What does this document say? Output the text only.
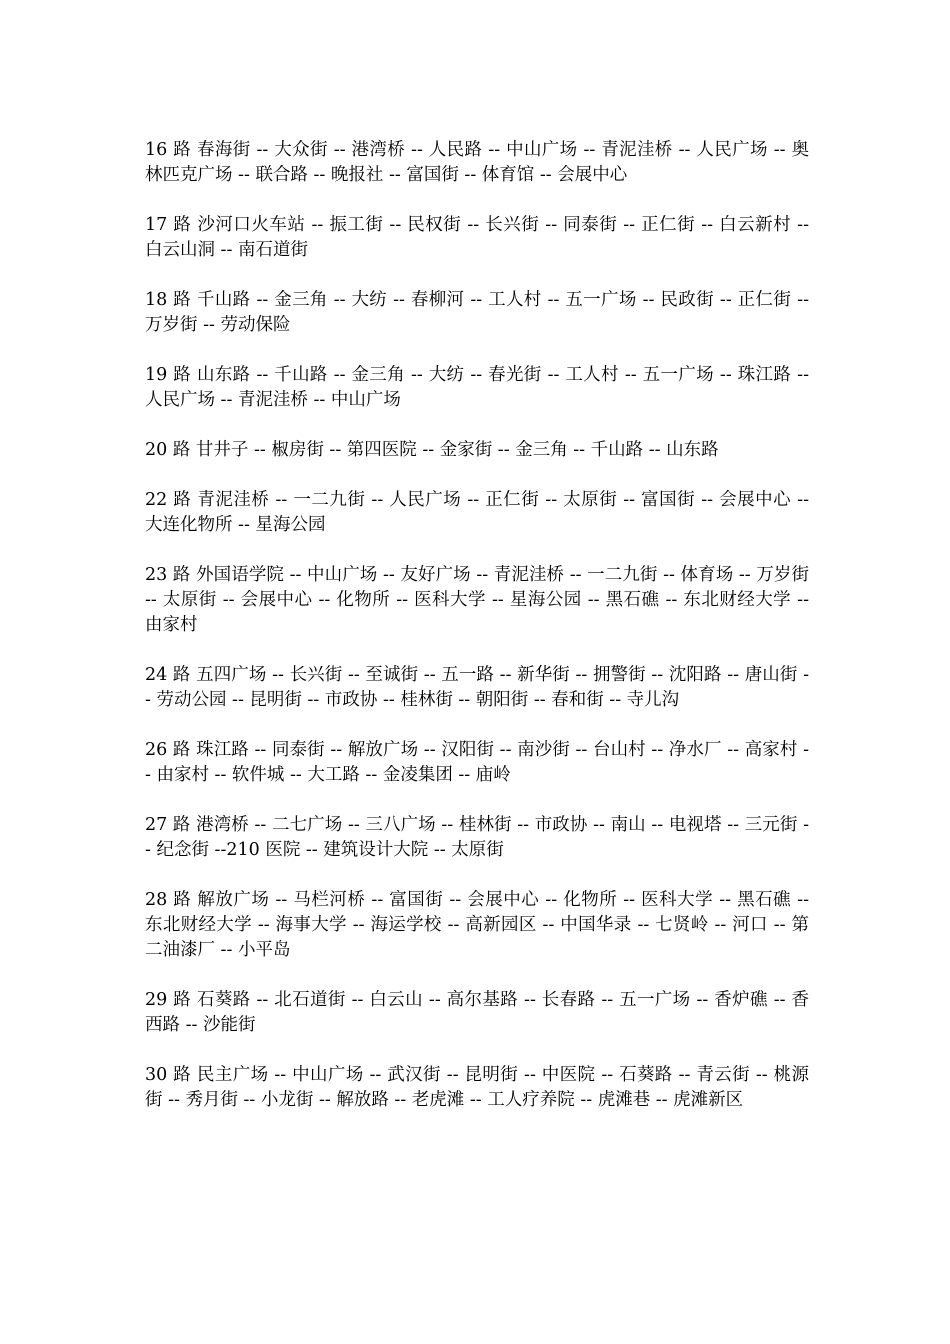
16 路 春海街 -- 大众街 -- 港湾桥 -- 人民路 -- 中山广场 -- 青泥洼桥 -- 人民广场 -- 奥林匹克广场 -- 联合路 -- 晚报社 -- 富国街 -- 体育馆 -- 会展中心

17 路 沙河口火车站 -- 振工街 -- 民权街 -- 长兴街 -- 同泰街 -- 正仁街 -- 白云新村 -- 白云山洞 -- 南石道街

18 路 千山路 -- 金三角 -- 大纺 -- 春柳河 -- 工人村 -- 五一广场 -- 民政街 -- 正仁街 -- 万岁街 -- 劳动保险

19 路 山东路 -- 千山路 -- 金三角 -- 大纺 -- 春光街 -- 工人村 -- 五一广场 -- 珠江路 -- 人民广场 -- 青泥洼桥 -- 中山广场

20 路 甘井子 -- 椒房街 -- 第四医院 -- 金家街 -- 金三角 -- 千山路 -- 山东路

22 路 青泥洼桥 -- 一二九街 -- 人民广场 -- 正仁街 -- 太原街 -- 富国街 -- 会展中心 -- 大连化物所 -- 星海公园

23 路 外国语学院 -- 中山广场 -- 友好广场 -- 青泥洼桥 -- 一二九街 -- 体育场 -- 万岁街 -- 太原街 -- 会展中心 -- 化物所 -- 医科大学 -- 星海公园 -- 黑石礁 -- 东北财经大学 -- 由家村

24 路 五四广场 -- 长兴街 -- 至诚街 -- 五一路 -- 新华街 -- 拥警街 -- 沈阳路 -- 唐山街 -- 劳动公园 -- 昆明街 -- 市政协 -- 桂林街 -- 朝阳街 -- 春和街 -- 寺儿沟

26 路 珠江路 -- 同泰街 -- 解放广场 -- 汉阳街 -- 南沙街 -- 台山村 -- 净水厂 -- 高家村 -- 由家村 -- 软件城 -- 大工路 -- 金凌集团 -- 庙岭

27 路 港湾桥 -- 二七广场 -- 三八广场 -- 桂林街 -- 市政协 -- 南山 -- 电视塔 -- 三元街 -- 纪念街 --210 医院 -- 建筑设计大院 -- 太原街

28 路 解放广场 -- 马栏河桥 -- 富国街 -- 会展中心 -- 化物所 -- 医科大学 -- 黑石礁 -- 东北财经大学 -- 海事大学 -- 海运学校 -- 高新园区 -- 中国华录 -- 七贤岭 -- 河口 -- 第二油漆厂 -- 小平岛

29 路 石葵路 -- 北石道街 -- 白云山 -- 高尔基路 -- 长春路 -- 五一广场 -- 香炉礁 -- 香西路 -- 沙能街

30 路 民主广场 -- 中山广场 -- 武汉街 -- 昆明街 -- 中医院 -- 石葵路 -- 青云街 -- 桃源街 -- 秀月街 -- 小龙街 -- 解放路 -- 老虎滩 -- 工人疗养院 -- 虎滩巷 -- 虎滩新区
